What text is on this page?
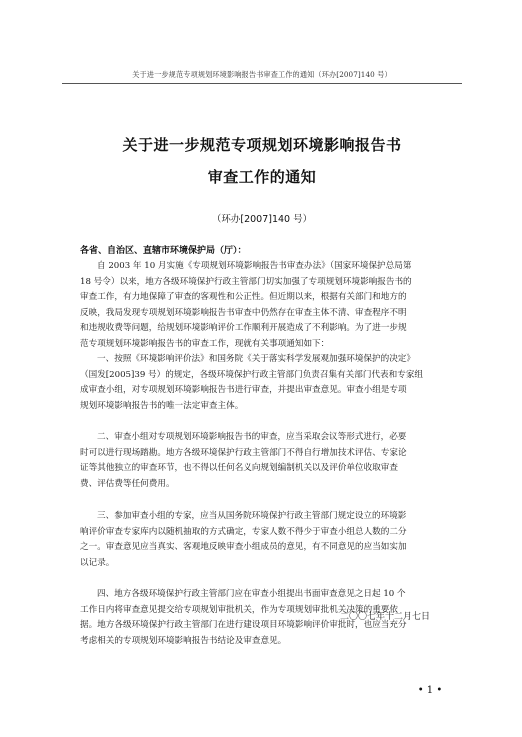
关于进一步规范专项规划环境影响报告书审查工作的通知（环办[2007]140 号）
关于进一步规范专项规划环境影响报告书
审查工作的通知
（环办[2007]140 号）
各省、自治区、直辖市环境保护局（厅）：
自 2003 年 10 月实施《专项规划环境影响报告书审查办法》（国家环境保护总局第
18 号令）以来，地方各级环境保护行政主管部门切实加强了专项规划环境影响报告书的
审查工作，有力地保障了审查的客观性和公正性。但近期以来，根据有关部门和地方的
反映，我局发现专项规划环境影响报告书审查中仍然存在审查主体不清、审查程序不明
和违规收费等问题，给规划环境影响评价工作顺利开展造成了不利影响。为了进一步规
范专项规划环境影响报告书的审查工作，现就有关事项通知如下：
一、按照《环境影响评价法》和国务院《关于落实科学发展观加强环境保护的决定》
（国发[2005]39 号）的规定，各级环境保护行政主管部门负责召集有关部门代表和专家组
成审查小组，对专项规划环境影响报告书进行审查，并提出审查意见。审查小组是专项
规划环境影响报告书的唯一法定审查主体。
二、审查小组对专项规划环境影响报告书的审查，应当采取会议等形式进行，必要
时可以进行现场踏勘。地方各级环境保护行政主管部门不得自行增加技术评估、专家论
证等其他独立的审查环节，也不得以任何名义向规划编制机关以及评价单位收取审查
费、评估费等任何费用。
三、参加审查小组的专家，应当从国务院环境保护行政主管部门规定设立的环境影
响评价审查专家库内以随机抽取的方式确定，专家人数不得少于审查小组总人数的二分
之一。审查意见应当真实、客观地反映审查小组成员的意见，有不同意见的应当如实加
以记录。
四、地方各级环境保护行政主管部门应在审查小组提出书面审查意见之日起 10 个
工作日内将审查意见提交给专项规划审批机关，作为专项规划审批机关决策的重要依
据。地方各级环境保护行政主管部门在进行建设项目环境影响评价审批时，也应当充分
考虑相关的专项规划环境影响报告书结论及审查意见。
二〇〇七年十二月七日
• 1 •
